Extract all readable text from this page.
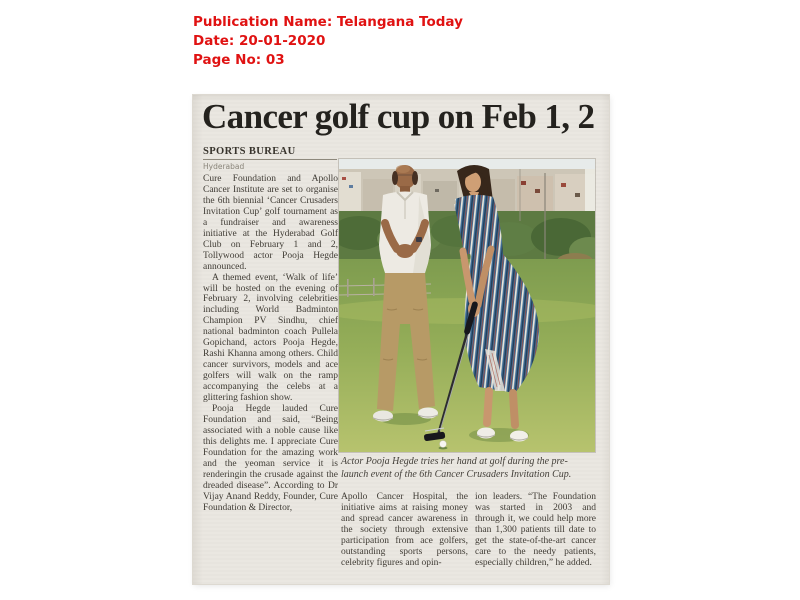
Publication Name: Telangana Today
Date: 20-01-2020
Page No: 03
Cancer golf cup on Feb 1, 2
SPORTS BUREAU
Hyderabad

Cure Foundation and Apollo Cancer Institute are set to organise the 6th biennial ‘Cancer Crusaders Invitation Cup’ golf tournament as a fundraiser and awareness initiative at the Hyderabad Golf Club on February 1 and 2, Tollywood actor Pooja Hegde announced.

A themed event, ‘Walk of life’ will be hosted on the evening of February 2, involving celebrities including World Badminton Champion PV Sindhu, chief national badminton coach Pullela Gopichand, actors Pooja Hegde, Rashi Khanna among others. Child cancer survivors, models and ace golfers will walk on the ramp accompanying the celebs at a glittering fashion show.

Pooja Hegde lauded Cure Foundation and said, “Being associated with a noble cause like this delights me. I appreciate Cure Foundation for the amazing work and the yeoman service it is renderingin the crusade against the dreaded disease”. According to Dr Vijay Anand Reddy, Founder, Cure Foundation & Director,

Actor Pooja Hegde tries her hand at golf during the pre-launch event of the 6th Cancer Crusaders Invitation Cup.

Apollo Cancer Hospital, the initiative aims at raising money and spread cancer awareness in the society through extensive participation from ace golfers, outstanding sports persons, celebrity figures and opin-

ion leaders. “The Foundation was started in 2003 and through it, we could help more than 1,300 patients till date to get the state-of-the-art cancer care to the needy patients, especially children,” he added.
